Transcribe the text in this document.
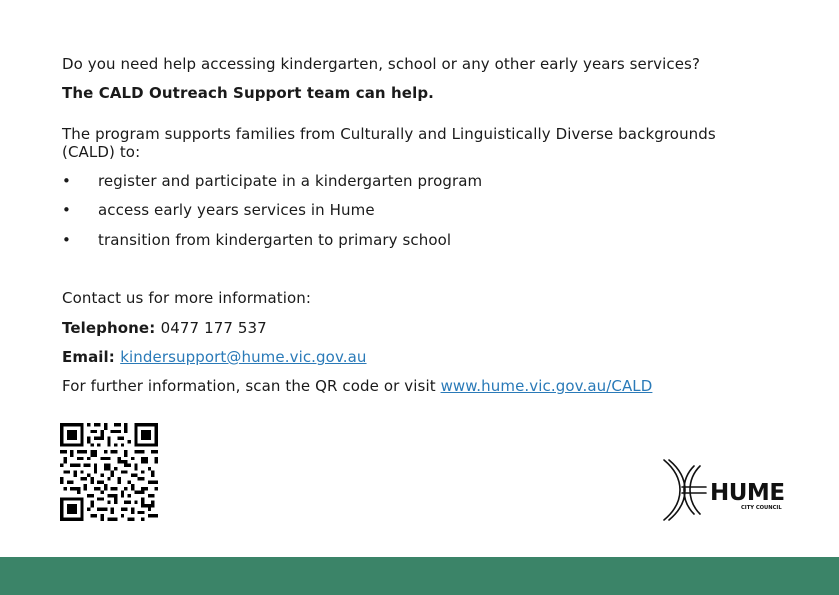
Do you need help accessing kindergarten, school or any other early years services?
The CALD Outreach Support team can help.
The program supports families from Culturally and Linguistically Diverse backgrounds (CALD) to:
• register and participate in a kindergarten program
• access early years services in Hume
• transition from kindergarten to primary school
Contact us for more information:
Telephone: 0477 177 537
Email: kindersupport@hume.vic.gov.au
For further information, scan the QR code or visit www.hume.vic.gov.au/CALD
HUME
CITY COUNCIL
